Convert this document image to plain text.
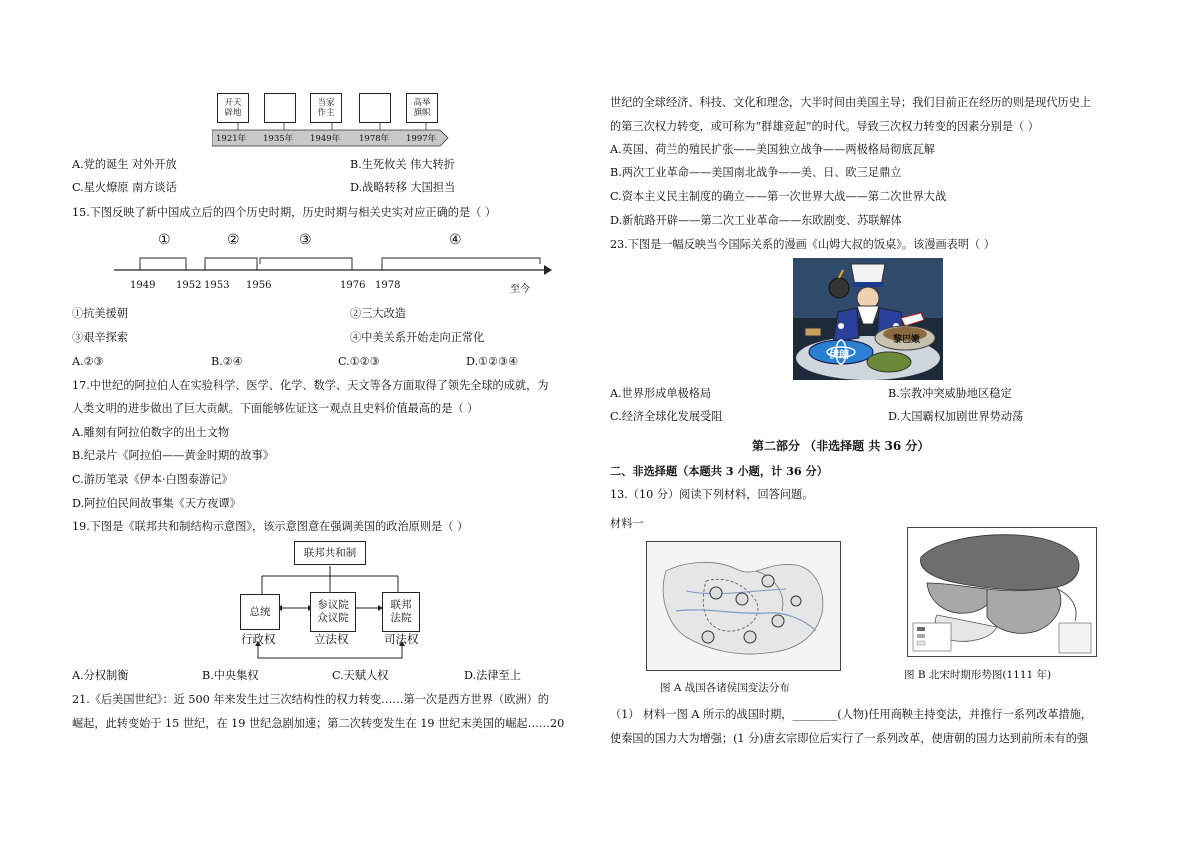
开天
辟地
当家
作主
高举
旗帜
1921年 1935年 1949年 1978年 1997年
A.党的诞生 对外开放	B.生死攸关 伟大转折
C.星火燎原 南方谈话	D.战略转移 大国担当
15.下图反映了新中国成立后的四个历史时期，历史时期与相关史实对应正确的是（ ）
①	②	③	④
1949 1952 1953 1956	1976 1978	至今
①抗美援朝	②三大改造
③艰辛探索	④中美关系开始走向正常化
A.②③	B.②④	C.①②③	D.①②③④
17.中世纪的阿拉伯人在实验科学、医学、化学、数学、天文等各方面取得了领先全球的成就，为
人类文明的进步做出了巨大贡献。下面能够佐证这一观点且史料价值最高的是（ ）
A.雕刻有阿拉伯数字的出土文物
B.纪录片《阿拉伯——黄金时期的故事》
C.游历笔录《伊本·白图泰游记》
D.阿拉伯民间故事集《天方夜谭》
19.下图是《联邦共和制结构示意图》，该示意图意在强调美国的政治原则是（ ）
联邦共和制
总统
参议院
众议院
联邦
法院
行政权	立法权	司法权
A.分权制衡	B.中央集权	C.天赋人权	D.法律至上
21.《后美国世纪》：近 500 年来发生过三次结构性的权力转变……第一次是西方世界（欧洲）的
崛起，此转变始于 15 世纪，在 19 世纪急剧加速；第二次转变发生在 19 世纪末美国的崛起……20
世纪的全球经济、科技、文化和理念，大半时间由美国主导；我们目前正在经历的则是现代历史上
的第三次权力转变，或可称为“群雄竞起”的时代。导致三次权力转变的因素分别是（ ）
A.英国、荷兰的殖民扩张——美国独立战争——两极格局彻底瓦解
B.两次工业革命——美国南北战争——美、日、欧三足鼎立
C.资本主义民主制度的确立——第一次世界大战——第二次世界大战
D.新航路开辟——第二次工业革命——东欧剧变、苏联解体
23.下图是一幅反映当今国际关系的漫画《山姆大叔的饭桌》。该漫画表明（ ）
黎巴嫩
伊朗
A.世界形成单极格局	B.宗教冲突威胁地区稳定
C.经济全球化发展受阻	D.大国霸权加剧世界势动荡
第二部分 （非选择题 共 36 分）
二、非选择题（本题共 3 小题，计 36 分）
13.（10 分）阅读下列材料，回答问题。
材料一
图 A 战国各诸侯国变法分布
图 B 北宋时期形势图(1111 年)
（1） 材料一图 A 所示的战国时期，________(人物)任用商鞅主持变法，并推行一系列改革措施，
使秦国的国力大为增强；(1 分)唐玄宗即位后实行了一系列改革，使唐朝的国力达到前所未有的强
